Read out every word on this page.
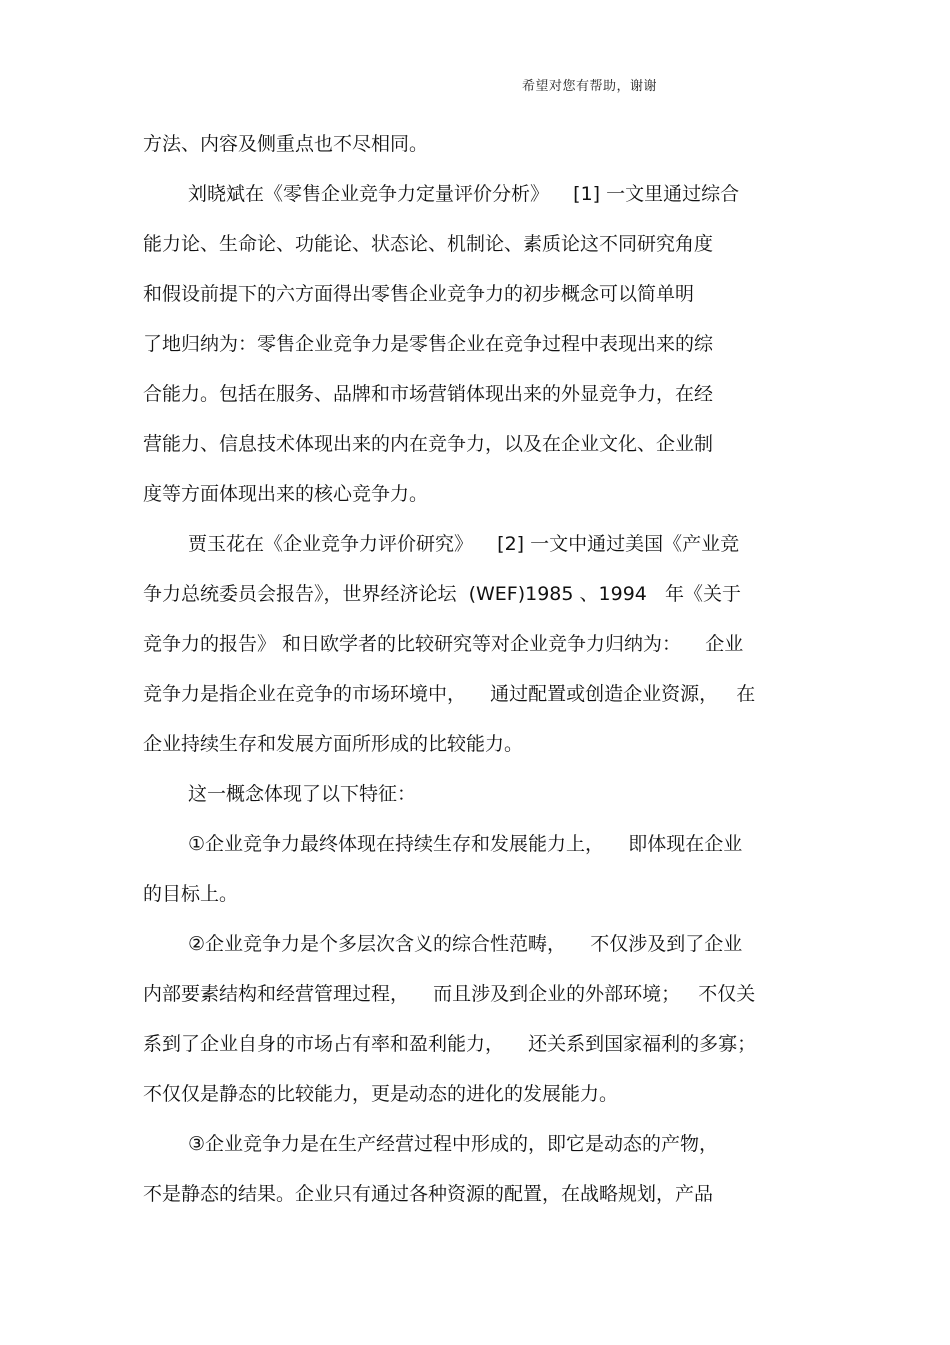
希望对您有帮助，谢谢
方法、内容及侧重点也不尽相同。
刘晓斌在《零售企业竞争力定量评价分析》    [1] 一文里通过综合
能力论、生命论、功能论、状态论、机制论、素质论这不同研究角度
和假设前提下的六方面得出零售企业竞争力的初步概念可以简单明
了地归纳为：零售企业竞争力是零售企业在竞争过程中表现出来的综
合能力。包括在服务、品牌和市场营销体现出来的外显竞争力，在经
营能力、信息技术体现出来的内在竞争力，以及在企业文化、企业制
度等方面体现出来的核心竞争力。
贾玉花在《企业竞争力评价研究》    [2] 一文中通过美国《产业竞
争力总统委员会报告》，世界经济论坛  (WEF)1985 、1994   年《关于
竞争力的报告》 和日欧学者的比较研究等对企业竞争力归纳为：    企业
竞争力是指企业在竞争的市场环境中，    通过配置或创造企业资源，   在
企业持续生存和发展方面所形成的比较能力。
这一概念体现了以下特征：
①企业竞争力最终体现在持续生存和发展能力上，    即体现在企业
的目标上。
②企业竞争力是个多层次含义的综合性范畴，    不仅涉及到了企业
内部要素结构和经营管理过程，    而且涉及到企业的外部环境；   不仅关
系到了企业自身的市场占有率和盈利能力，    还关系到国家福利的多寡；
不仅仅是静态的比较能力，更是动态的进化的发展能力。
③企业竞争力是在生产经营过程中形成的，即它是动态的产物，
不是静态的结果。企业只有通过各种资源的配置，在战略规划，产品
